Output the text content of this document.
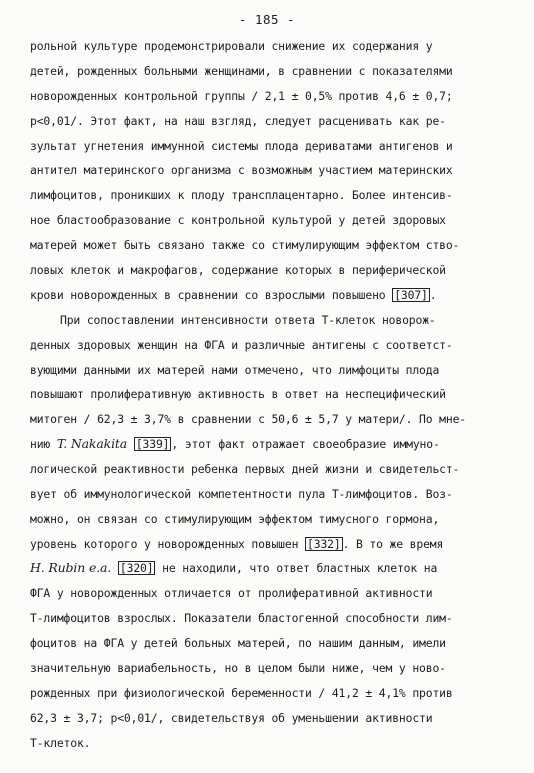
- 185 -
рольной культуре продемонстрировали снижение их содержания у
детей, рожденных больными женщинами, в сравнении с показателями
новорожденных контрольной группы / 2,1 ± 0,5% против 4,6 ± 0,7;
р<0,01/. Этот факт, на наш взгляд, следует расценивать как ре-
зультат угнетения иммунной системы плода дериватами антигенов и
антител материнского организма с возможным участием материнских
лимфоцитов, проникших к плоду трансплацентарно. Более интенсив-
ное бластообразование с контрольной культурой у детей здоровых
матерей может быть связано также со стимулирующим эффектом ство-
ловых клеток и макрофагов, содержание которых в периферической
крови новорожденных в сравнении со взрослыми повышено [307] .
При сопоставлении интенсивности ответа Т-клеток новорож-
денных здоровых женщин на ФГА и различные антигены с соответст-
вующими данными их матерей нами отмечено, что лимфоциты плода
повышают пролиферативную активность в ответ на неспецифический
митоген / 62,3 ± 3,7% в сравнении с 50,6 ± 5,7 у матери/. По мне-
нию T. Nakakita [339] , этот факт отражает своеобразие иммуно-
логической реактивности ребенка первых дней жизни и свидетельст-
вует об иммунологической компетентности пула Т-лимфоцитов. Воз-
можно, он связан со стимулирующим эффектом тимусного гормона,
уровень которого у новорожденных повышен [332] . В то же время
H. Rubin e.a. [320] не находили, что ответ бластных клеток на
ФГА у новорожденных отличается от пролиферативной активности
Т-лимфоцитов взрослых. Показатели бластогенной способности лим-
фоцитов на ФГА у детей больных матерей, по нашим данным, имели
значительную вариабельность, но в целом были ниже, чем у ново-
рожденных при физиологической беременности / 41,2 ± 4,1% против
62,3 ± 3,7; р<0,01/, свидетельствуя об уменьшении активности
Т-клеток.
